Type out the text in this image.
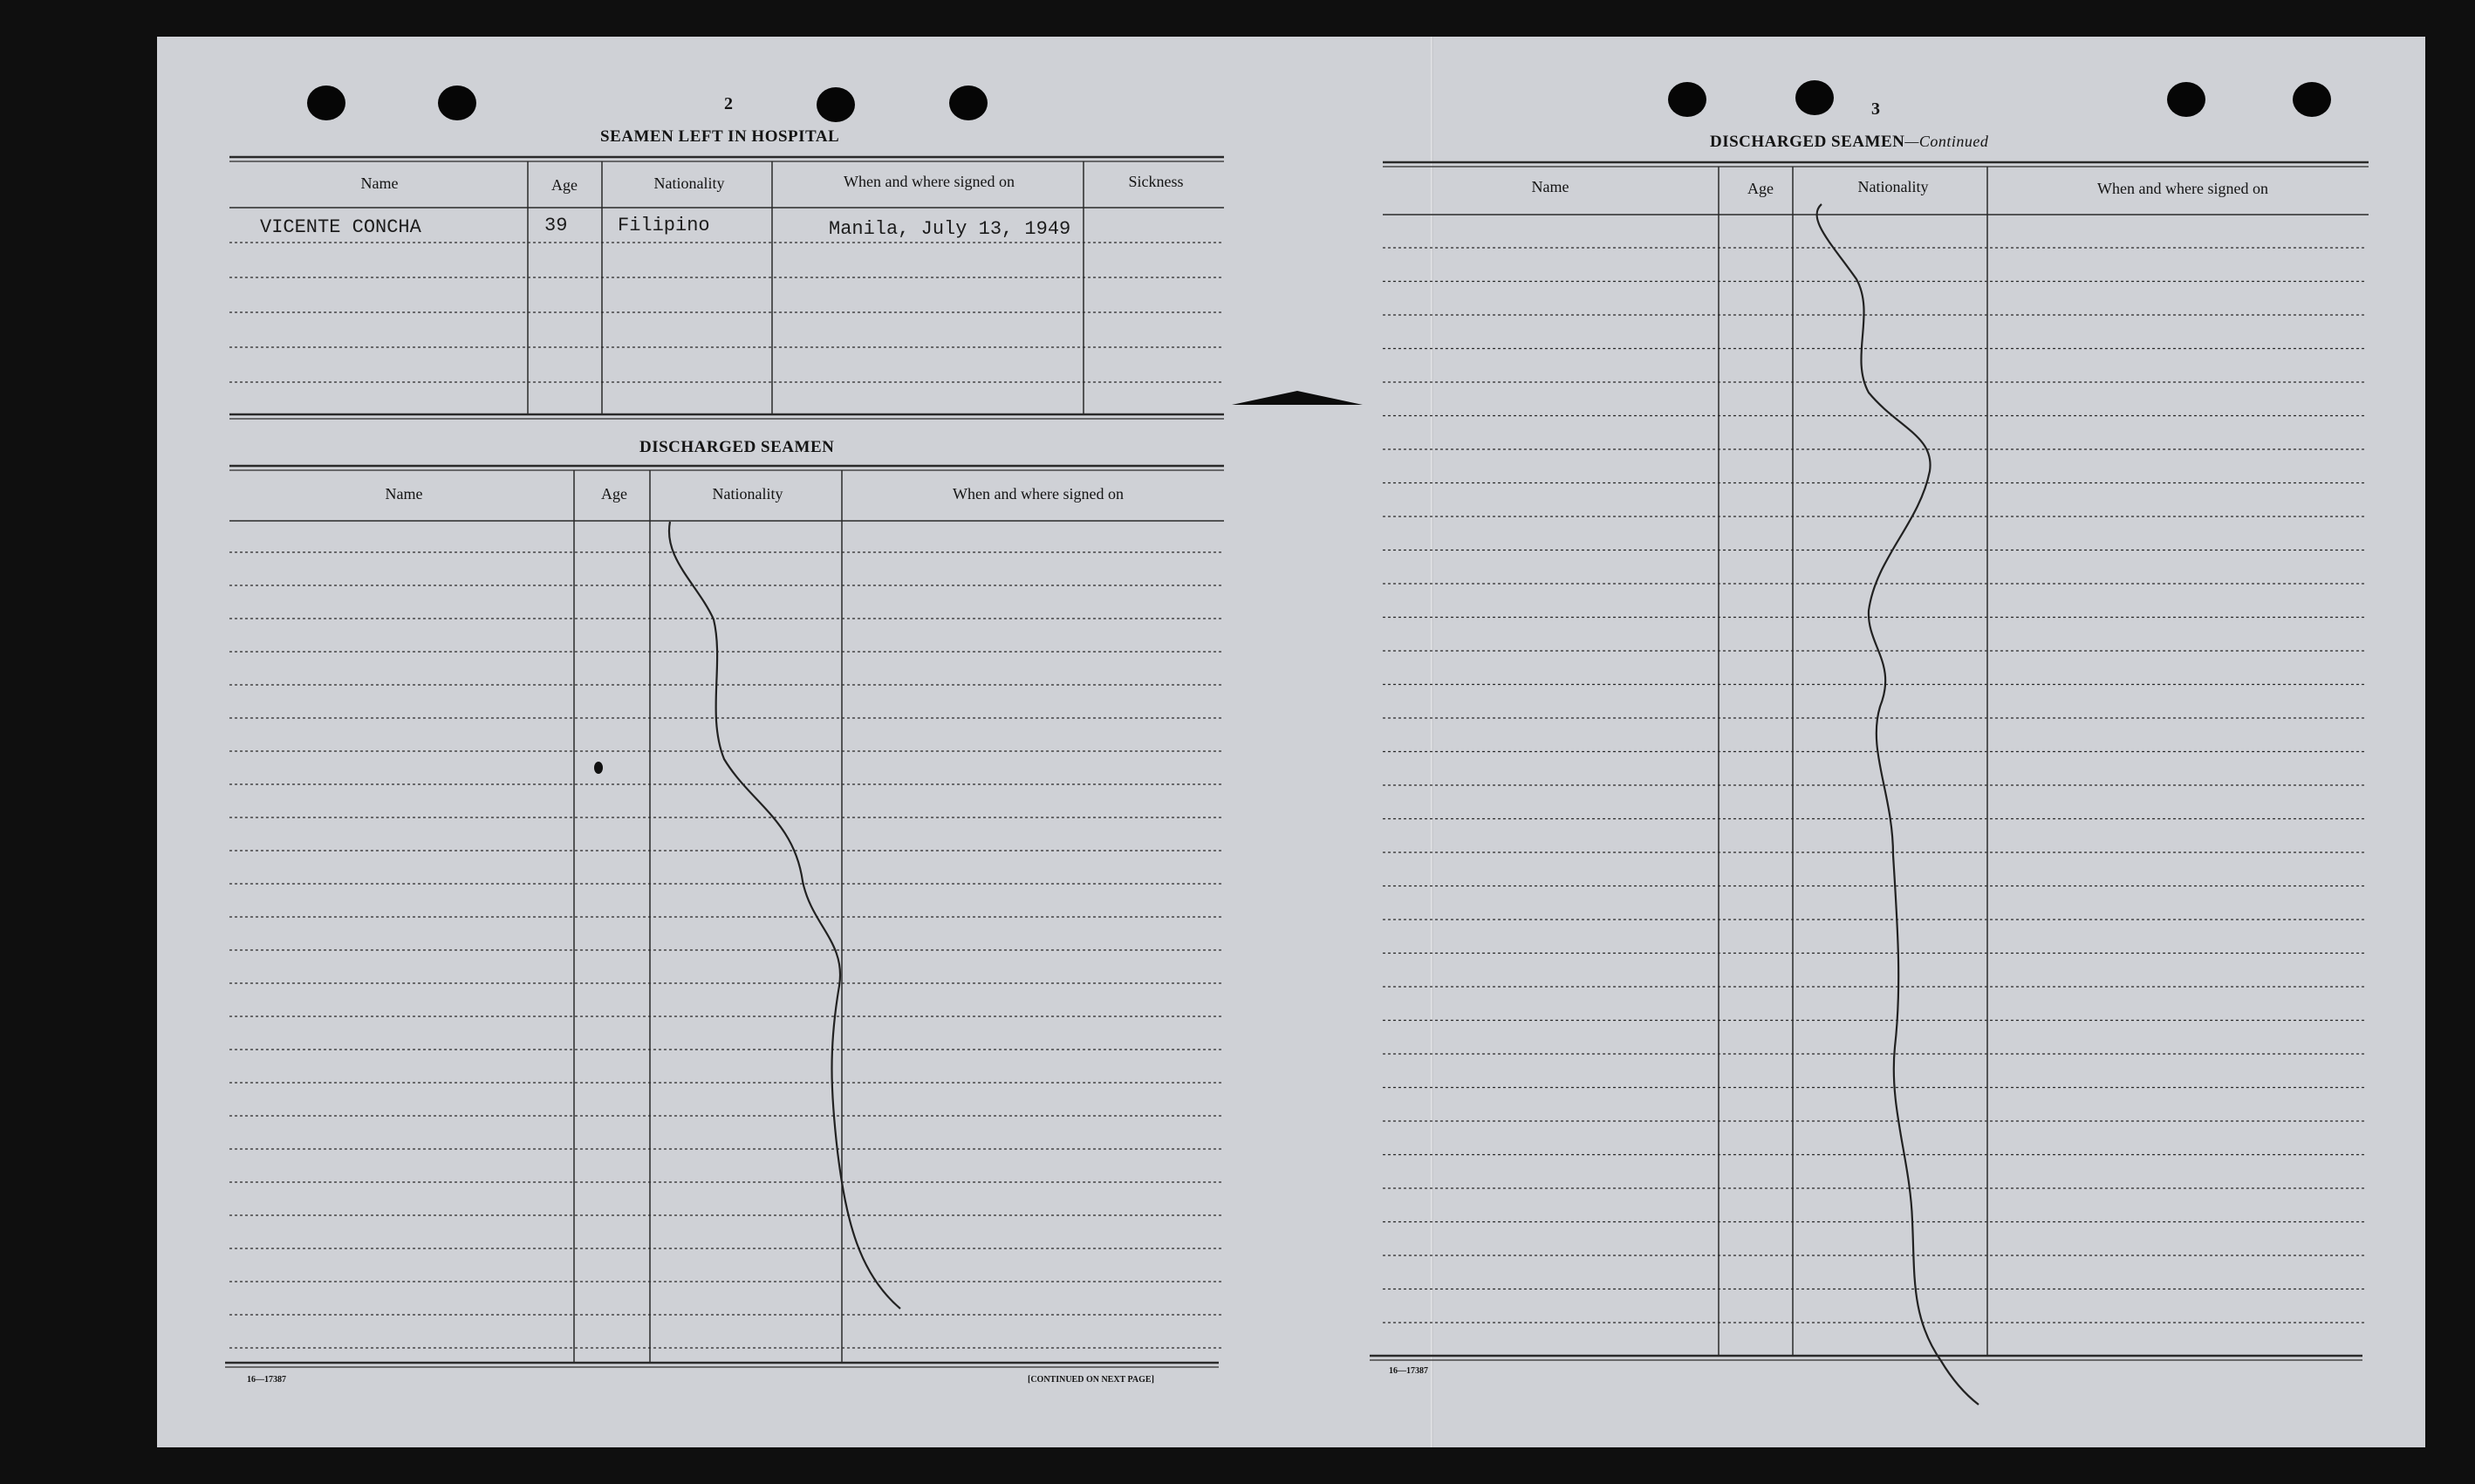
2
SEAMEN LEFT IN HOSPITAL
Name	Age	Nationality	When and where signed on	Sickness
VICENTE CONCHA	39	Filipino	Manila, July 13, 1949
DISCHARGED SEAMEN
Name	Age	Nationality	When and where signed on
16—17387	[CONTINUED ON NEXT PAGE]
3
DISCHARGED SEAMEN—Continued
Name	Age	Nationality	When and where signed on
16—17387
